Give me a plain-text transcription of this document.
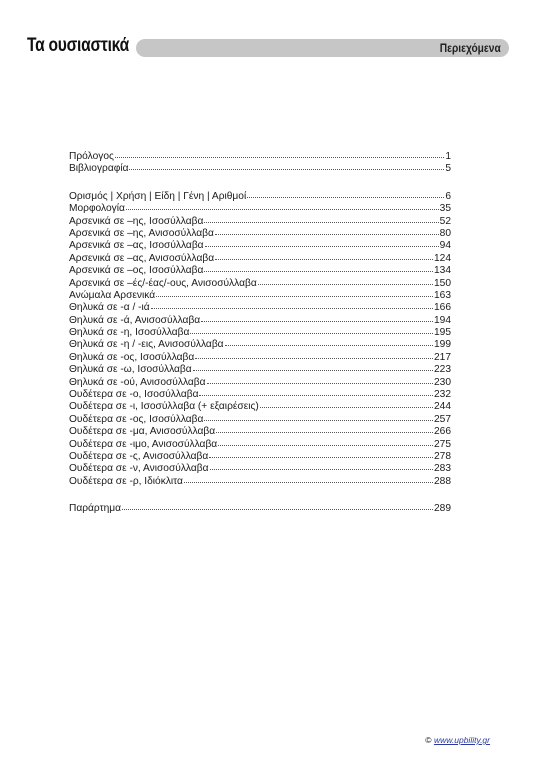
Τα ουσιαστικά	Περιεχόμενα
Πρόλογος	1
Βιβλιογραφία	5
Ορισμός | Χρήση | Είδη | Γένη | Αριθμοί	6
Μορφολογία	35
Αρσενικά σε –ης, Ισοσύλλαβα	52
Αρσενικά σε –ης, Ανισοσύλλαβα	80
Αρσενικά σε –ας, Ισοσύλλαβα	94
Αρσενικά σε –ας, Ανισοσύλλαβα	124
Αρσενικά σε –ος, Ισοσύλλαβα	134
Αρσενικά σε –ές/-έας/-ους, Ανισοσύλλαβα	150
Ανώμαλα Αρσενικά	163
Θηλυκά σε -α / -ιά	166
Θηλυκά σε -ά, Ανισοσύλλαβα	194
Θηλυκά σε -η, Ισοσύλλαβα	195
Θηλυκά σε -η / -εις, Ανισοσύλλαβα	199
Θηλυκά σε -ος, Ισοσύλλαβα	217
Θηλυκά σε -ω, Ισοσύλλαβα	223
Θηλυκά σε -ού, Ανισοσύλλαβα	230
Ουδέτερα σε -ο, Ισοσύλλαβα	232
Ουδέτερα σε -ι, Ισοσύλλαβα (+ εξαιρέσεις)	244
Ουδέτερα σε -ος, Ισοσύλλαβα	257
Ουδέτερα σε -μα, Ανισοσύλλαβα	266
Ουδέτερα σε -ιμο, Ανισοσύλλαβα	275
Ουδέτερα σε -ς, Ανισοσύλλαβα	278
Ουδέτερα σε -ν, Ανισοσύλλαβα	283
Ουδέτερα σε -ρ, Ιδιόκλιτα	288
Παράρτημα	289
© www.upbility.gr
